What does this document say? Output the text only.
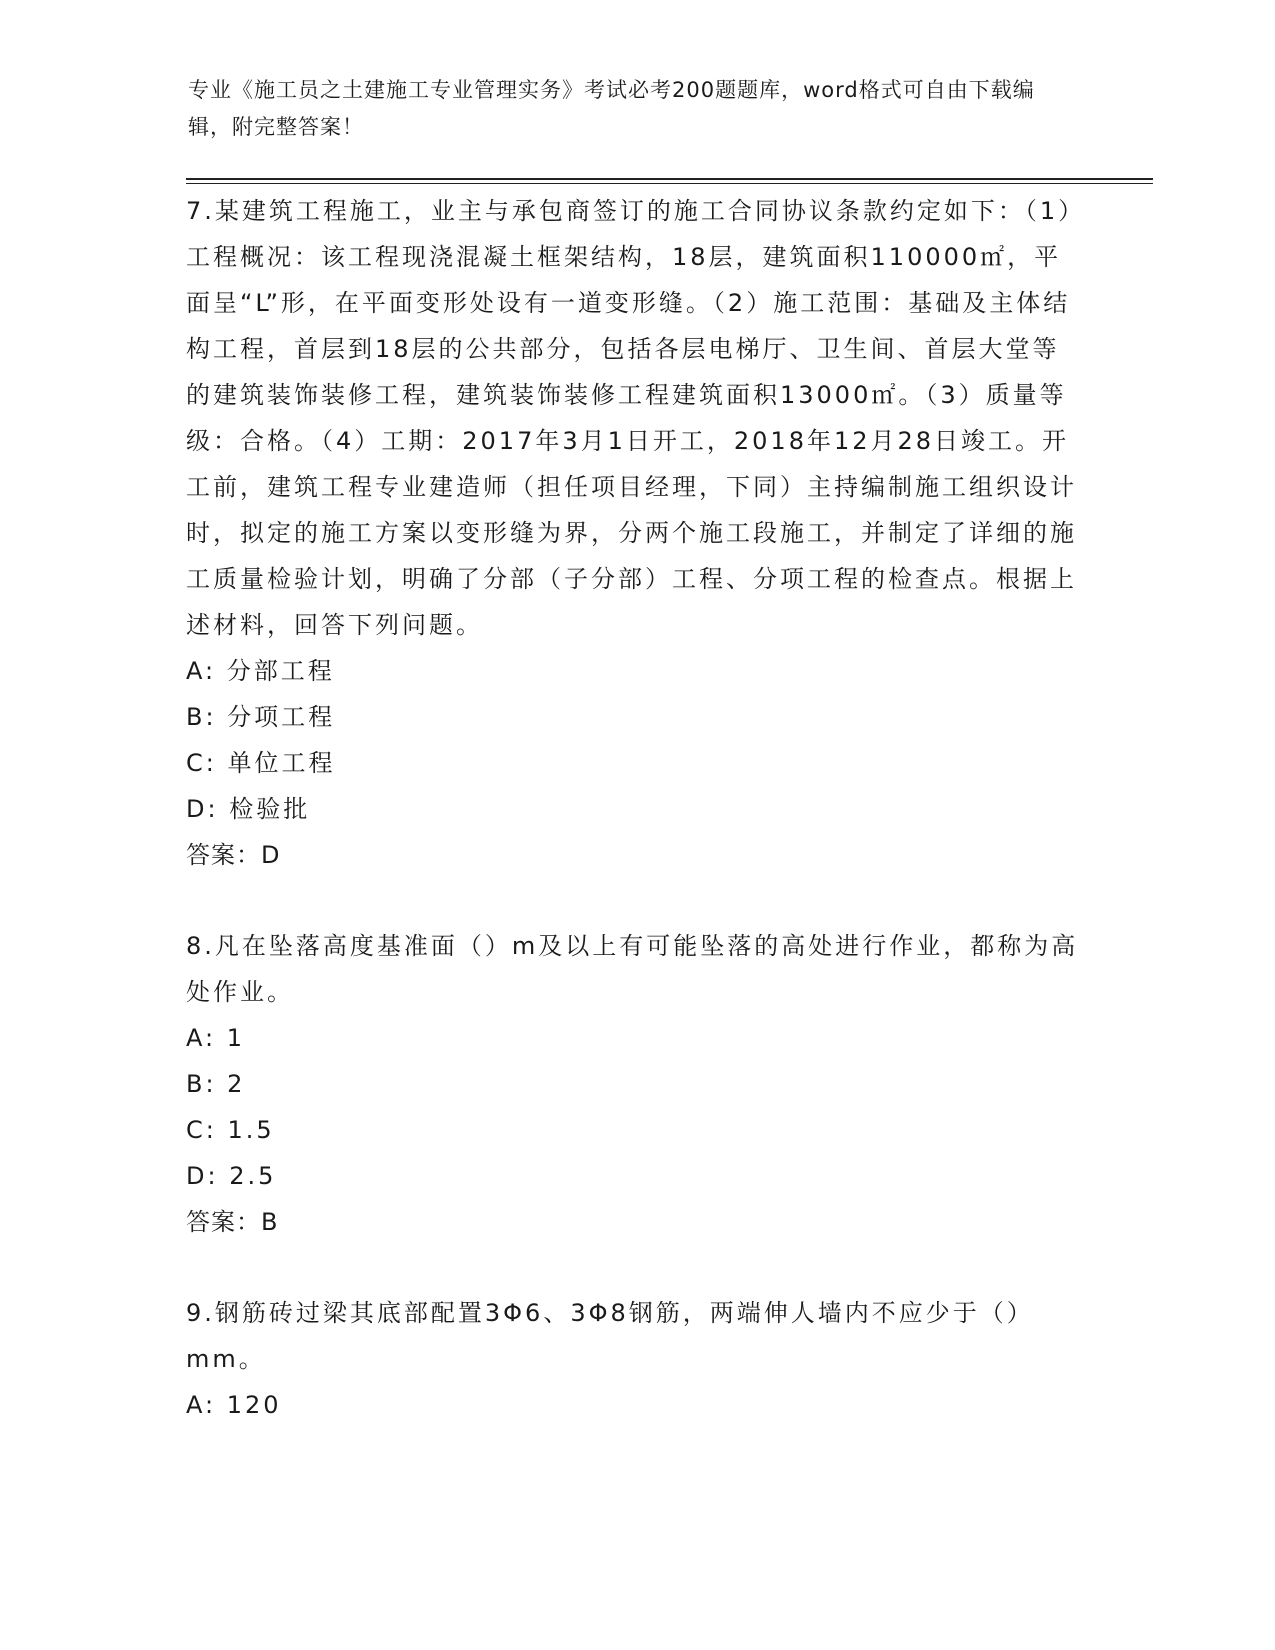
专业《施工员之土建施工专业管理实务》考试必考200题题库，word格式可自由下载编辑，附完整答案！

7.某建筑工程施工，业主与承包商签订的施工合同协议条款约定如下：（1）工程概况：该工程现浇混凝土框架结构，18层，建筑面积110000㎡，平面呈“L”形，在平面变形处设有一道变形缝。（2）施工范围：基础及主体结构工程，首层到18层的公共部分，包括各层电梯厅、卫生间、首层大堂等的建筑装饰装修工程，建筑装饰装修工程建筑面积13000㎡。（3）质量等级：合格。（4）工期：2017年3月1日开工，2018年12月28日竣工。开工前，建筑工程专业建造师（担任项目经理，下同）主持编制施工组织设计时，拟定的施工方案以变形缝为界，分两个施工段施工，并制定了详细的施工质量检验计划，明确了分部（子分部）工程、分项工程的检查点。根据上述材料，回答下列问题。

A: 分部工程

B: 分项工程

C: 单位工程

D: 检验批

答案：D

8.凡在坠落高度基准面（）m及以上有可能坠落的高处进行作业，都称为高处作业。

A: 1

B: 2

C: 1.5

D: 2.5

答案：B

9.钢筋砖过梁其底部配置3Φ6、3Φ8钢筋，两端伸人墙内不应少于（）mm。

A: 120
